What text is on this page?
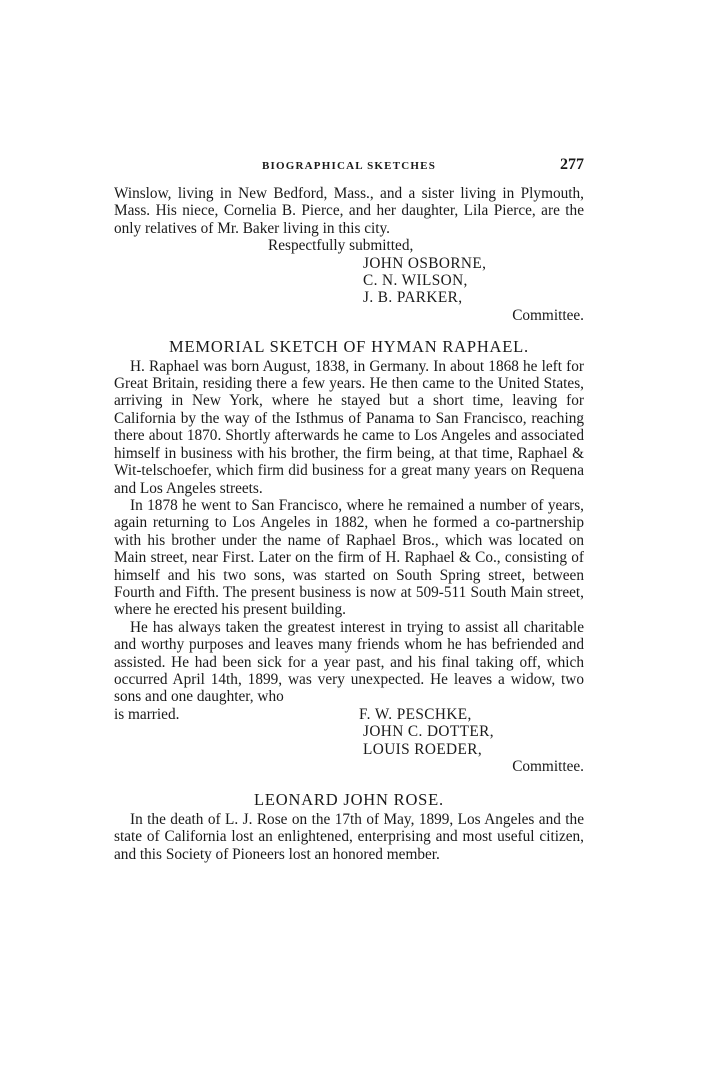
BIOGRAPHICAL SKETCHES	277

Winslow, living in New Bedford, Mass., and a sister living in Plymouth, Mass. His niece, Cornelia B. Pierce, and her daughter, Lila Pierce, are the only relatives of Mr. Baker living in this city.

Respectfully submitted,
JOHN OSBORNE,
C. N. WILSON,
J. B. PARKER,
Committee.
MEMORIAL SKETCH OF HYMAN RAPHAEL.

H. Raphael was born August, 1838, in Germany. In about 1868 he left for Great Britain, residing there a few years. He then came to the United States, arriving in New York, where he stayed but a short time, leaving for California by the way of the Isthmus of Panama to San Francisco, reaching there about 1870. Shortly afterwards he came to Los Angeles and associated himself in business with his brother, the firm being, at that time, Raphael & Wit-telschoefer, which firm did business for a great many years on Requena and Los Angeles streets.

In 1878 he went to San Francisco, where he remained a number of years, again returning to Los Angeles in 1882, when he formed a co-partnership with his brother under the name of Raphael Bros., which was located on Main street, near First. Later on the firm of H. Raphael & Co., consisting of himself and his two sons, was started on South Spring street, between Fourth and Fifth. The present business is now at 509-511 South Main street, where he erected his present building.

He has always taken the greatest interest in trying to assist all charitable and worthy purposes and leaves many friends whom he has befriended and assisted. He had been sick for a year past, and his final taking off, which occurred April 14th, 1899, was very unexpected. He leaves a widow, two sons and one daughter, who

is married.	F. W. PESCHKE,
JOHN C. DOTTER,
LOUIS ROEDER,
Committee.
LEONARD JOHN ROSE.

In the death of L. J. Rose on the 17th of May, 1899, Los Angeles and the state of California lost an enlightened, enterprising and most useful citizen, and this Society of Pioneers lost an honored member.
